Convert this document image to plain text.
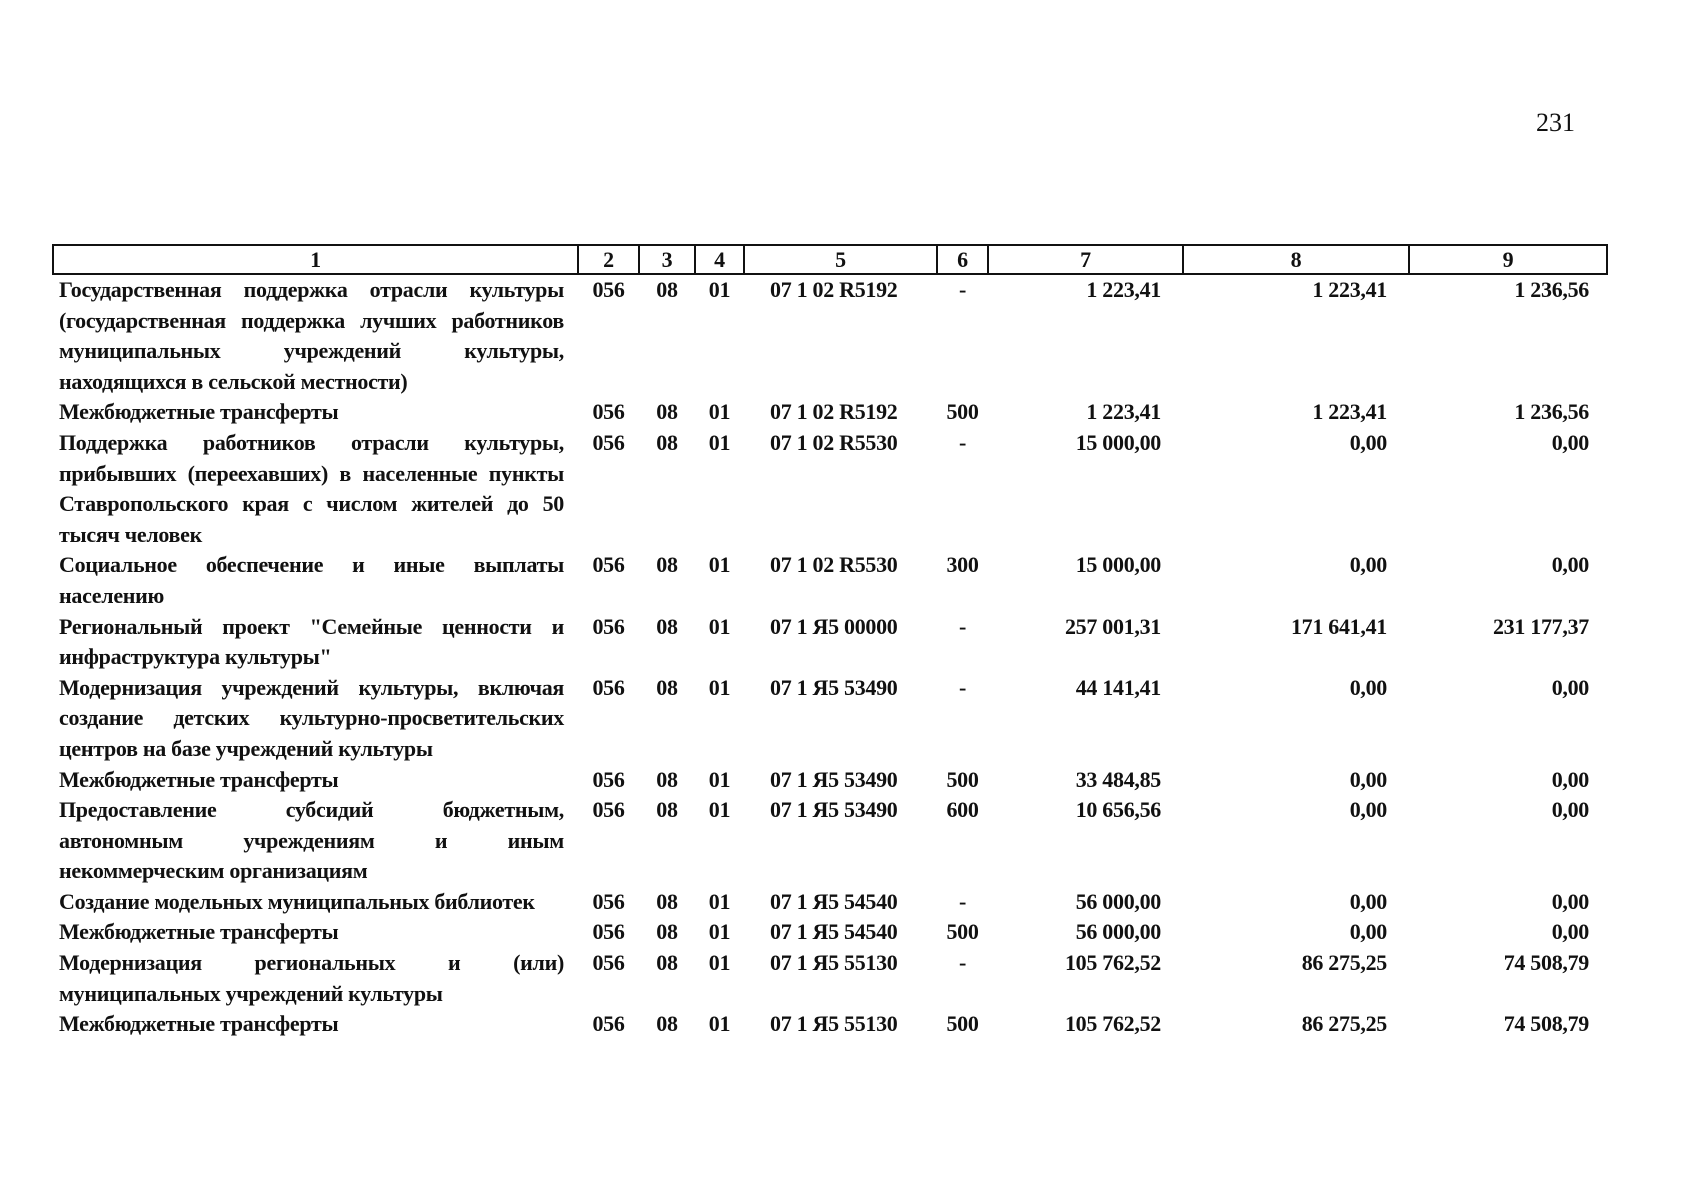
231
1	2	3	4	5	6	7	8	9
Государственная поддержка отрасли культуры (государственная поддержка лучших работников муниципальных учреждений культуры, находящихся в сельской местности)	056	08	01	07 1 02 R5192	-	1 223,41	1 223,41	1 236,56
Межбюджетные трансферты	056	08	01	07 1 02 R5192	500	1 223,41	1 223,41	1 236,56
Поддержка работников отрасли культуры, прибывших (переехавших) в населенные пункты Ставропольского края с числом жителей до 50 тысяч человек	056	08	01	07 1 02 R5530	-	15 000,00	0,00	0,00
Социальное обеспечение и иные выплаты населению	056	08	01	07 1 02 R5530	300	15 000,00	0,00	0,00
Региональный проект "Семейные ценности и инфраструктура культуры"	056	08	01	07 1 Я5 00000	-	257 001,31	171 641,41	231 177,37
Модернизация учреждений культуры, включая создание детских культурно-просветительских центров на базе учреждений культуры	056	08	01	07 1 Я5 53490	-	44 141,41	0,00	0,00
Межбюджетные трансферты	056	08	01	07 1 Я5 53490	500	33 484,85	0,00	0,00
Предоставление субсидий бюджетным, автономным учреждениям и иным некоммерческим организациям	056	08	01	07 1 Я5 53490	600	10 656,56	0,00	0,00
Создание модельных муниципальных библиотек	056	08	01	07 1 Я5 54540	-	56 000,00	0,00	0,00
Межбюджетные трансферты	056	08	01	07 1 Я5 54540	500	56 000,00	0,00	0,00
Модернизация региональных и (или) муниципальных учреждений культуры	056	08	01	07 1 Я5 55130	-	105 762,52	86 275,25	74 508,79
Межбюджетные трансферты	056	08	01	07 1 Я5 55130	500	105 762,52	86 275,25	74 508,79
